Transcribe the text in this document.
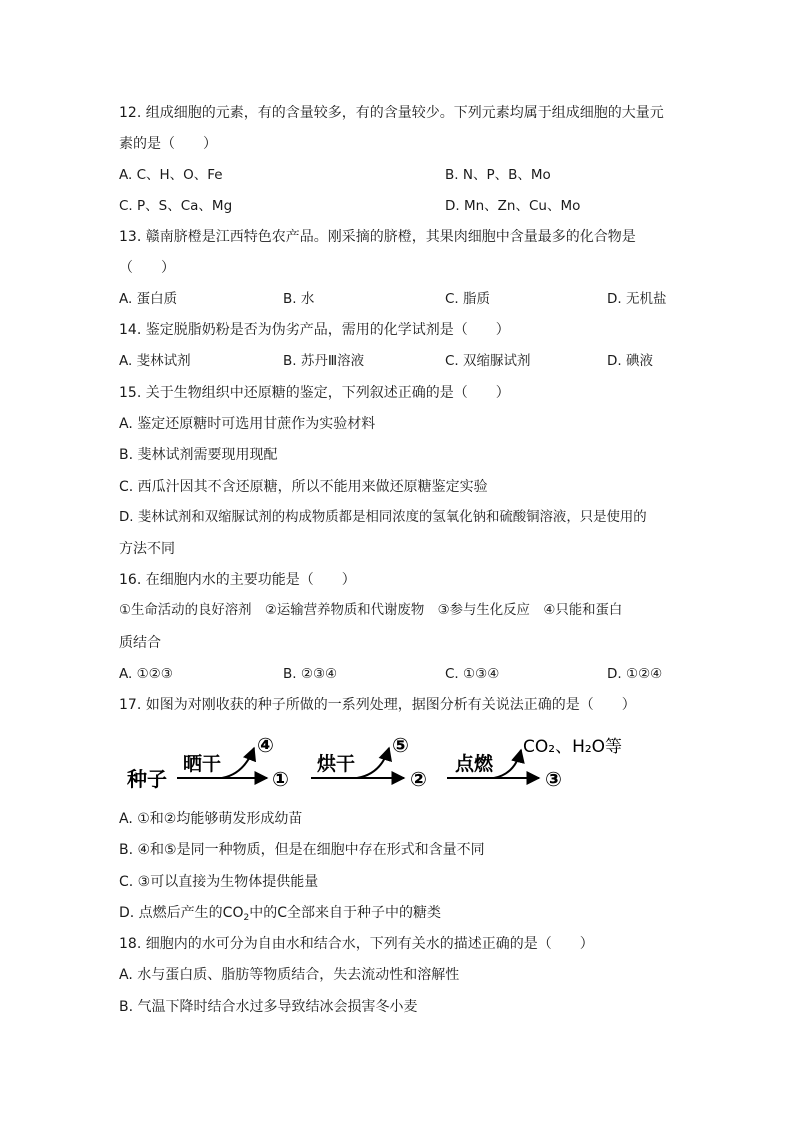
12. 组成细胞的元素，有的含量较多，有的含量较少。下列元素均属于组成细胞的大量元
素的是（　　）
A. C、H、O、Fe	B. N、P、B、Mo
C. P、S、Ca、Mg	D. Mn、Zn、Cu、Mo
13. 赣南脐橙是江西特色农产品。刚采摘的脐橙，其果肉细胞中含量最多的化合物是
（　　）
A. 蛋白质	B. 水	C. 脂质	D. 无机盐
14. 鉴定脱脂奶粉是否为伪劣产品，需用的化学试剂是（　　）
A. 斐林试剂	B. 苏丹Ⅲ溶液	C. 双缩脲试剂	D. 碘液
15. 关于生物组织中还原糖的鉴定，下列叙述正确的是（　　）
A. 鉴定还原糖时可选用甘蔗作为实验材料
B. 斐林试剂需要现用现配
C. 西瓜汁因其不含还原糖，所以不能用来做还原糖鉴定实验
D. 斐林试剂和双缩脲试剂的构成物质都是相同浓度的氢氧化钠和硫酸铜溶液，只是使用的
方法不同
16. 在细胞内水的主要功能是（　　）
①生命活动的良好溶剂　②运输营养物质和代谢废物　③参与生化反应　④只能和蛋白
质结合
A. ①②③	B. ②③④	C. ①③④	D. ①②④
17. 如图为对刚收获的种子所做的一系列处理，据图分析有关说法正确的是（　　）
种子
晒干
④
①
烘干
⑤
②
点燃
CO₂、H₂O等
③
A. ①和②均能够萌发形成幼苗
B. ④和⑤是同一种物质，但是在细胞中存在形式和含量不同
C. ③可以直接为生物体提供能量
D. 点燃后产生的$CO_2$中的C全部来自于种子中的糖类
18. 细胞内的水可分为自由水和结合水，下列有关水的描述正确的是（　　）
A. 水与蛋白质、脂肪等物质结合，失去流动性和溶解性
B. 气温下降时结合水过多导致结冰会损害冬小麦
